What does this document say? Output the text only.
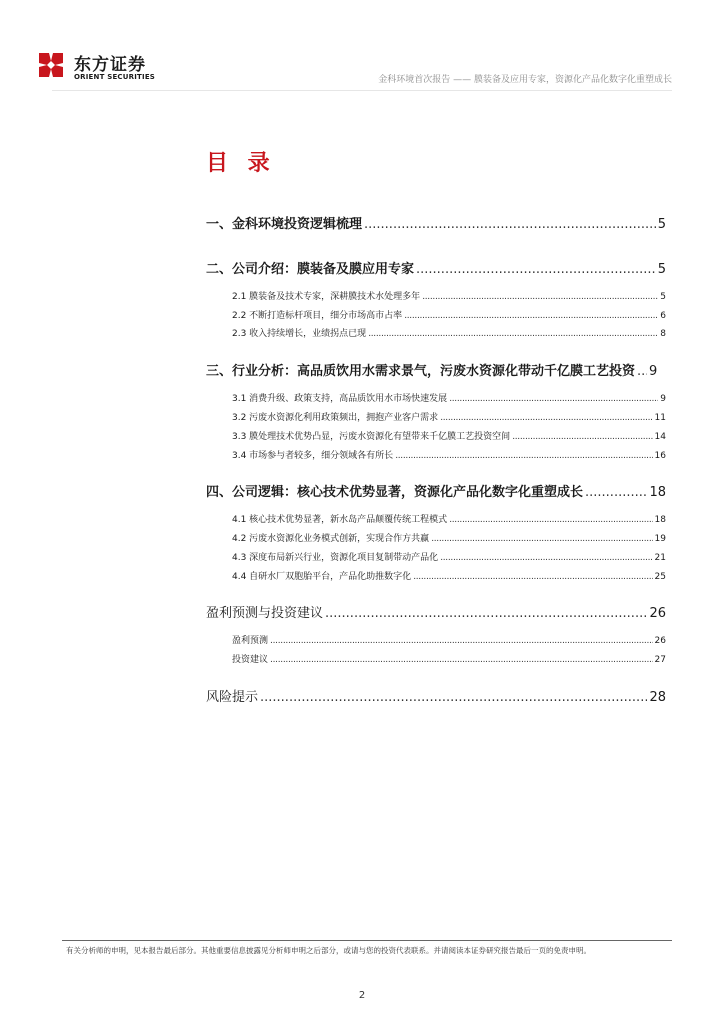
东方证券
ORIENT SECURITIES	金科环境首次报告 —— 膜装备及应用专家，资源化产品化数字化重塑成长
目 录
一、金科环境投资逻辑梳理 .....	5
二、公司介绍：膜装备及膜应用专家 .....	5
2.1 膜装备及技术专家，深耕膜技术水处理多年 .....	5
2.2 不断打造标杆项目，细分市场高市占率 .....	6
2.3 收入持续增长，业绩拐点已现 .....	8
三、行业分析：高品质饮用水需求景气，污废水资源化带动千亿膜工艺投资 ..... 9
3.1 消费升级、政策支持，高品质饮用水市场快速发展 .....	9
3.2 污废水资源化利用政策频出，拥抱产业客户需求 .....	11
3.3 膜处理技术优势凸显，污废水资源化有望带来千亿膜工艺投资空间 .....	14
3.4 市场参与者较多，细分领域各有所长 .....	16
四、公司逻辑：核心技术优势显著，资源化产品化数字化重塑成长 .....	18
4.1 核心技术优势显著，新水岛产品颠覆传统工程模式 .....	18
4.2 污废水资源化业务模式创新，实现合作方共赢 .....	19
4.3 深度布局新兴行业，资源化项目复制带动产品化 .....	21
4.4 自研水厂双胞胎平台，产品化助推数字化 .....	25
盈利预测与投资建议 .....	26
盈利预测 .....	26
投资建议 .....	27
风险提示 .....	28
有关分析师的申明，见本报告最后部分。其他重要信息披露见分析师申明之后部分，或请与您的投资代表联系。并请阅读本证券研究报告最后一页的免责申明。
2
